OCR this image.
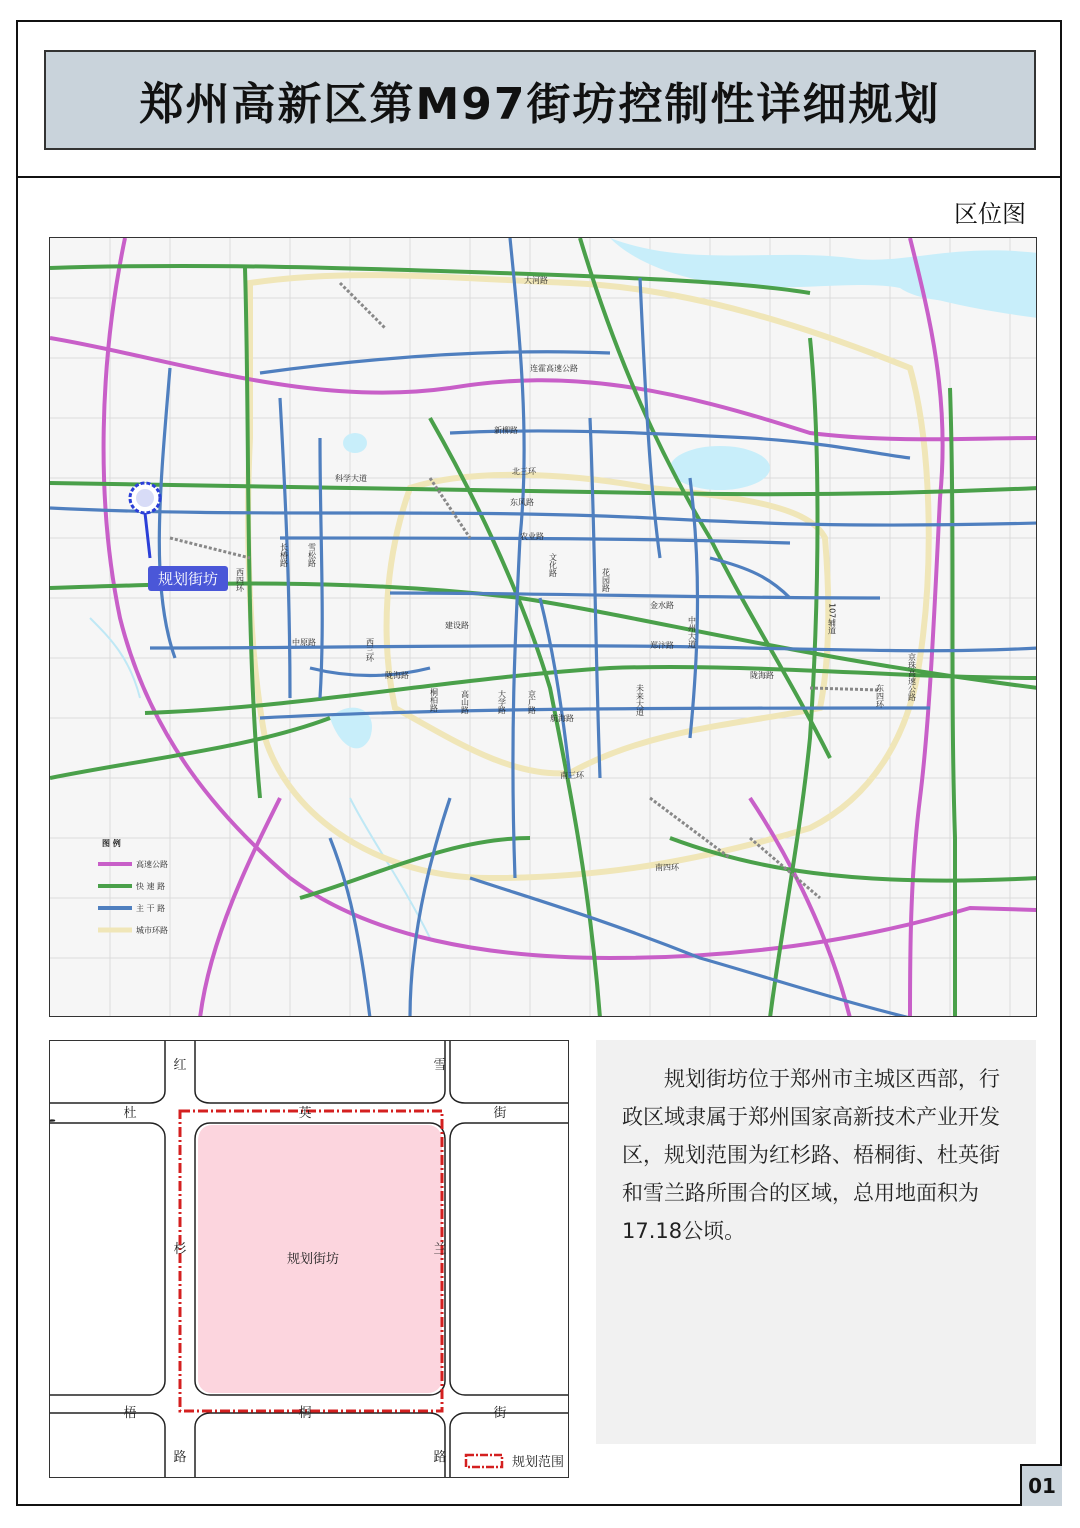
郑州高新区第M97街坊控制性详细规划
区位图
规划街坊
大河路
连霍高速公路
新柳路
科学大道
北三环
东风路
农业路
金水路
郑汴路
中原路
建设路
陇海路	陇海路
航海路
南三环
南四环
西四环
长椿路 雪松路
西三环
文化路
花园路
中州大道	107辅道
京珠高速公路
桐柏路	高山路	大学路	京广路	未来大道	东四环
图 例
高速公路
快 速 路
主 干 路
城市环路
规划街坊
红
杉
路
雪
兰
路
杜	英	街
梧	桐	街
规划范围

规划街坊位于郑州市主城区西部，行政区域隶属于郑州国家高新技术产业开发区，规划范围为红杉路、梧桐街、杜英街和雪兰路所围合的区域，总用地面积为17.18公顷。

01
